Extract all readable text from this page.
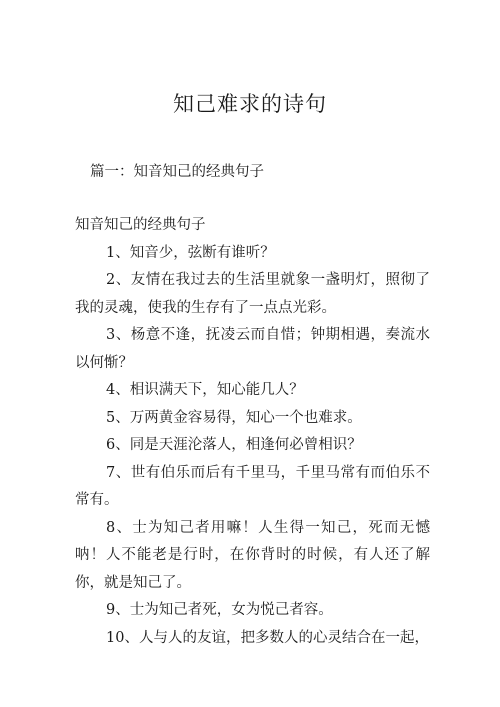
知己难求的诗句
篇一：知音知己的经典句子

知音知己的经典句子

1、知音少，弦断有谁听？

2、友情在我过去的生活里就象一盏明灯，照彻了我的灵魂，使我的生存有了一点点光彩。

3、杨意不逢，抚凌云而自惜；钟期相遇，奏流水以何惭？

4、相识满天下，知心能几人？

5、万两黄金容易得，知心一个也难求。

6、同是天涯沦落人，相逢何必曾相识？

7、世有伯乐而后有千里马，千里马常有而伯乐不常有。

8、士为知己者用嘛！人生得一知己，死而无憾呐！人不能老是行时，在你背时的时候，有人还了解你，就是知己了。

9、士为知己者死，女为悦己者容。

10、人与人的友谊，把多数人的心灵结合在一起，
